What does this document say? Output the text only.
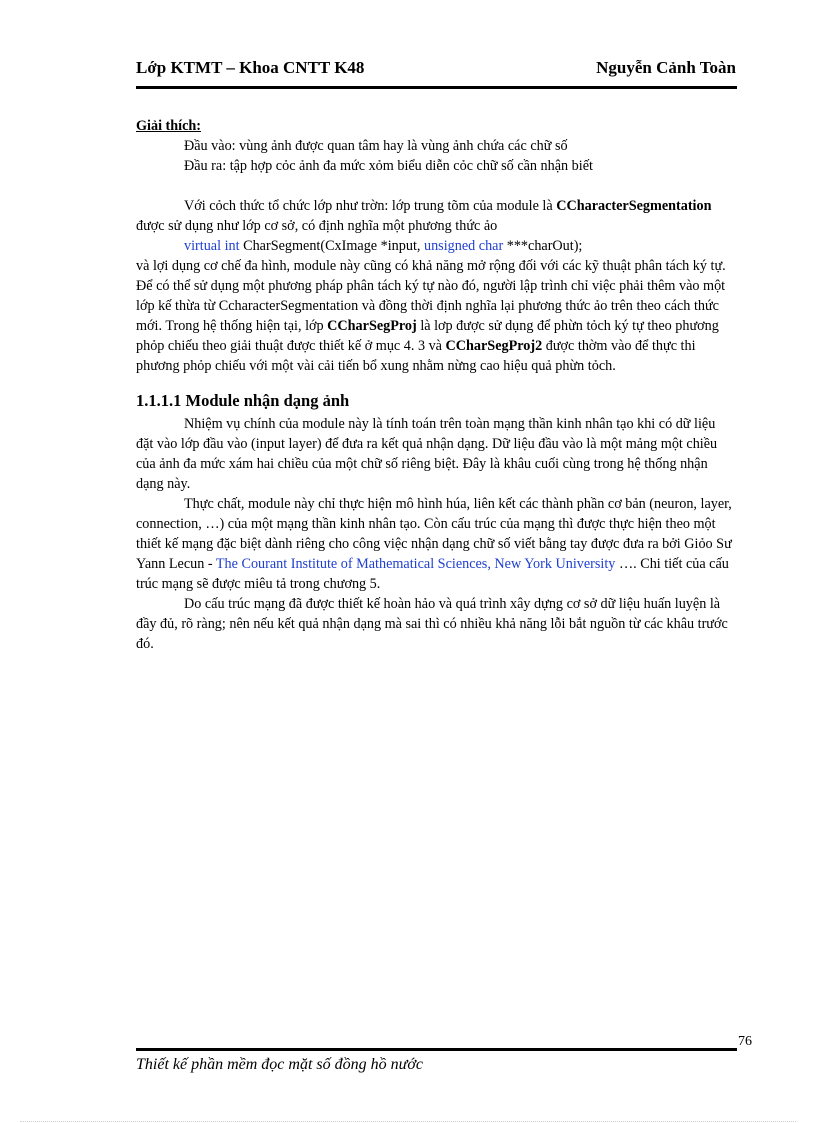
Lớp KTMT – Khoa CNTT K48	Nguyễn Cảnh Toàn

Giải thích:

Đầu vào: vùng ảnh được quan tâm hay là vùng ảnh chứa các chữ số

Đầu ra: tập hợp cỏc ảnh đa mức xỏm biểu diễn cỏc chữ số cần nhận biết

Với cỏch thức tổ chức lớp như trờn: lớp trung tõm của module là CCharacterSegmentation được sử dụng như lớp cơ sở, có định nghĩa một phương thức ảo

virtual int CharSegment(CxImage *input, unsigned char ***charOut);

và lợi dụng cơ chế đa hình, module này cũng có khả năng mở rộng đối với các kỹ thuật phân tách ký tự. Để có thể sử dụng một phương pháp phân tách ký tự nào đó, người lập trình chỉ việc phải thêm vào một lớp kế thừa từ CcharacterSegmentation và đồng thời định nghĩa lại phương thức ảo trên theo cách thức mới. Trong hệ thống hiện tại, lớp CCharSegProj là lơp được sử dụng để phừn tỏch ký tự theo phương phỏp chiếu theo giải thuật được thiết kế ở mục 4. 3 và CCharSegProj2 được thờm vào để thực thi phương phỏp chiếu với một vài cải tiến bổ xung nhằm nừng cao hiệu quả phừn tỏch.

1.1.1.1 Module nhận dạng ảnh

Nhiệm vụ chính của module này là tính toán trên toàn mạng thần kinh nhân tạo khi có dữ liệu đặt vào lớp đầu vào (input layer) để đưa ra kết quả nhận dạng. Dữ liệu đầu vào là một mảng một chiều của ảnh đa mức xám hai chiều của một chữ số riêng biệt. Đây là khâu cuối cùng trong hệ thống nhận dạng này.

Thực chất, module này chỉ thực hiện mô hình húa, liên kết các thành phần cơ bản (neuron, layer, connection, …) của một mạng thần kinh nhân tạo. Còn cấu trúc của mạng thì được thực hiện theo một thiết kế mạng đặc biệt dành riêng cho công việc nhận dạng chữ số viết bằng tay được đưa ra bởi Giỏo Sư Yann Lecun - The Courant Institute of Mathematical Sciences, New York University …. Chi tiết của cấu trúc mạng sẽ được miêu tả trong chương 5.

Do cấu trúc mạng đã được thiết kế hoàn hảo và quá trình xây dựng cơ sở dữ liệu huấn luyện là đầy đủ, rõ ràng; nên nếu kết quả nhận dạng mà sai thì có nhiều khả năng lỗi bắt nguồn từ các khâu trước đó.

76
Thiết kế phần mềm đọc mặt số đồng hồ nước
